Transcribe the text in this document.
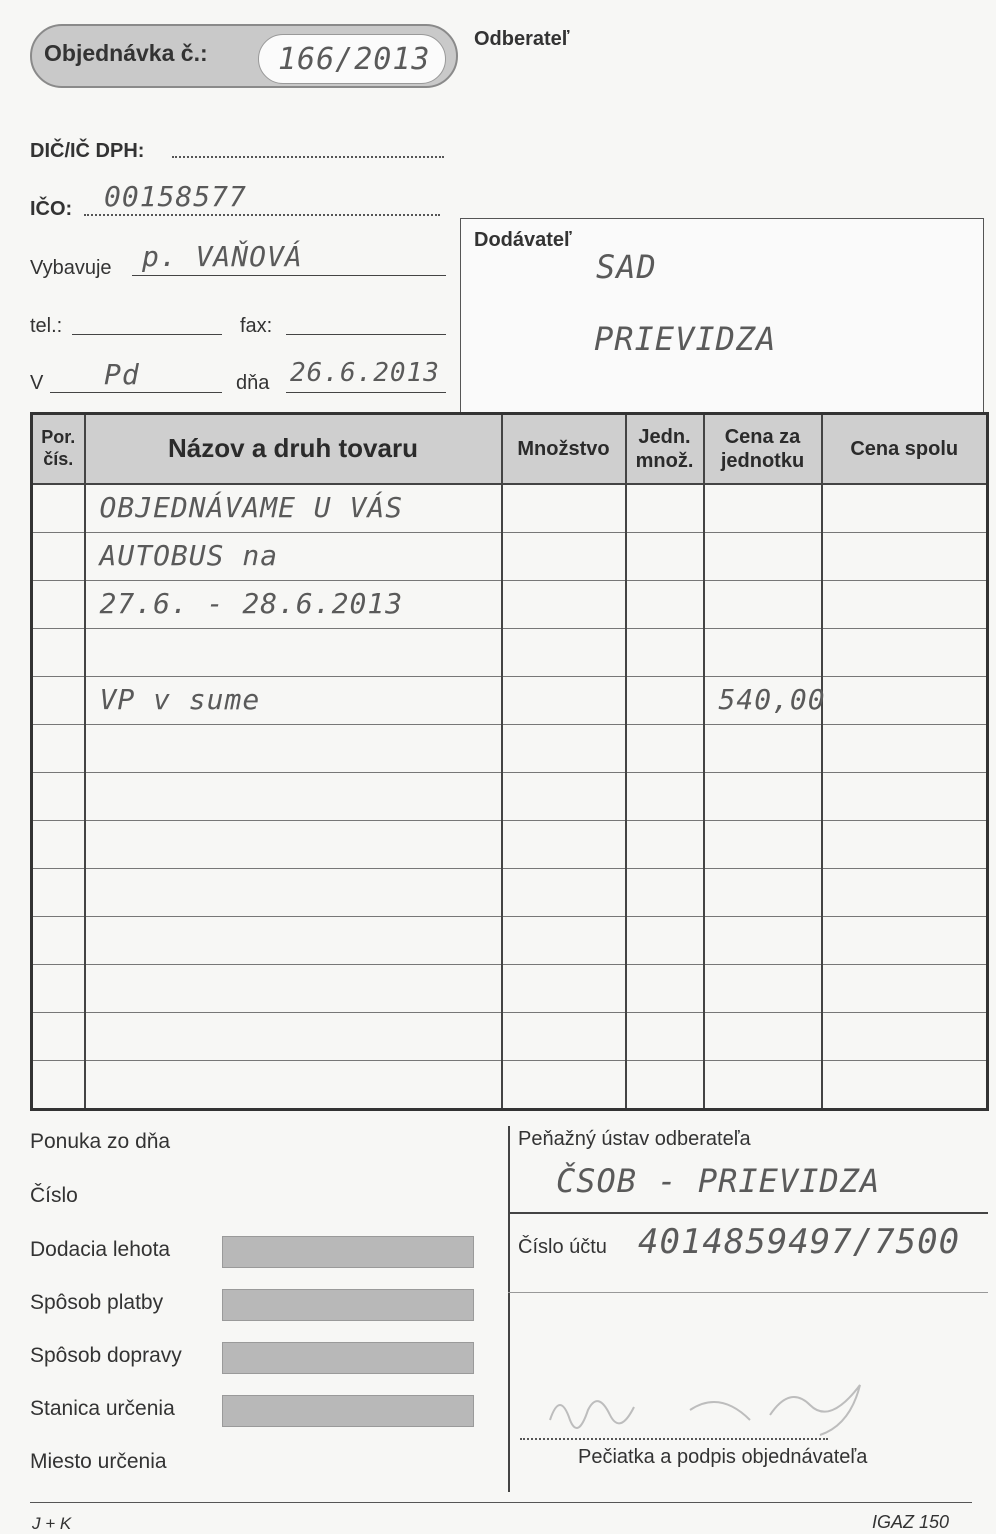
Objednávka č.: 166/2013
Odberateľ
DIČ/IČ DPH:
IČO: 00158577
Vybavuje p. VAŇOVÁ
tel.:	fax:
V Pd	dňa 26.6.2013
Dodávateľ
SAD
PRIEVIDZA
Por. čís.	Názov a druh tovaru	Množstvo	Jedn. množ.	Cena za jednotku	Cena spolu

	OBJEDNÁVAME U VÁS				

	AUTOBUS na				

	27.6. - 28.6.2013				

	VP v sume			540,00	

Ponuka zo dňa
Číslo
Dodacia lehota
Spôsob platby
Spôsob dopravy
Stanica určenia
Miesto určenia
Peňažný ústav odberateľa
ČSOB - PRIEVIDZA
Číslo účtu 4014859497/7500
Pečiatka a podpis objednávateľa
J + K	IGAZ 150
